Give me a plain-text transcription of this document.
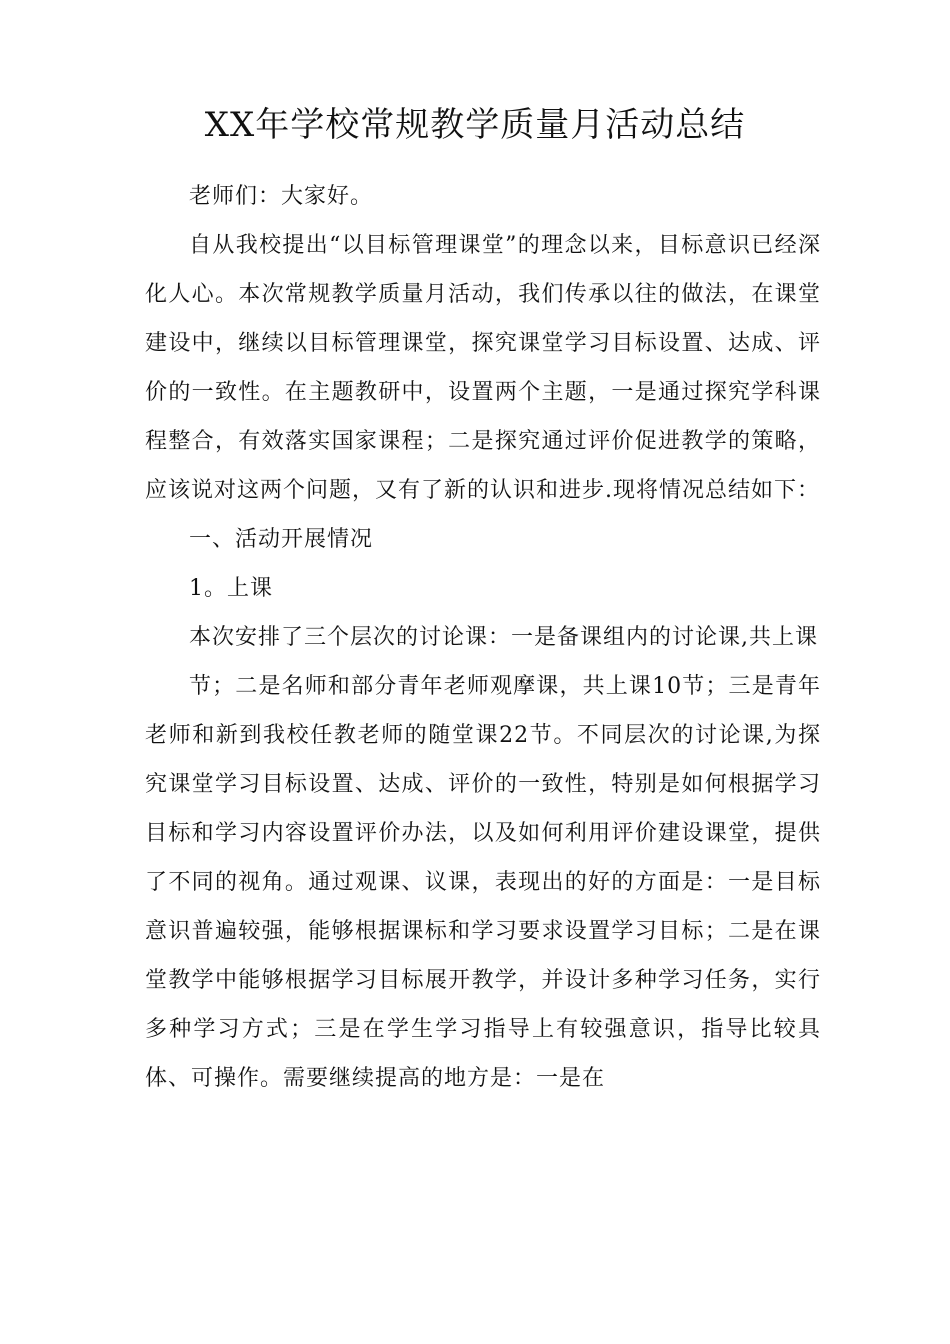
XX年学校常规教学质量月活动总结

老师们：大家好。

自从我校提出“以目标管理课堂”的理念以来，目标意识已经深化人心。本次常规教学质量月活动，我们传承以往的做法，在课堂建设中，继续以目标管理课堂，探究课堂学习目标设置、达成、评价的一致性。在主题教研中，设置两个主题，一是通过探究学科课程整合，有效落实国家课程；二是探究通过评价促进教学的策略，应该说对这两个问题，又有了新的认识和进步.现将情况总结如下：

一、活动开展情况

1。上课

本次安排了三个层次的讨论课：一是备课组内的讨论课,共上课

节；二是名师和部分青年老师观摩课，共上课10节；三是青年老师和新到我校任教老师的随堂课22节。不同层次的讨论课,为探究课堂学习目标设置、达成、评价的一致性，特别是如何根据学习目标和学习内容设置评价办法，以及如何利用评价建设课堂，提供了不同的视角。通过观课、议课，表现出的好的方面是：一是目标意识普遍较强，能够根据课标和学习要求设置学习目标；二是在课堂教学中能够根据学习目标展开教学，并设计多种学习任务，实行多种学习方式；三是在学生学习指导上有较强意识，指导比较具体、可操作。需要继续提高的地方是：一是在
